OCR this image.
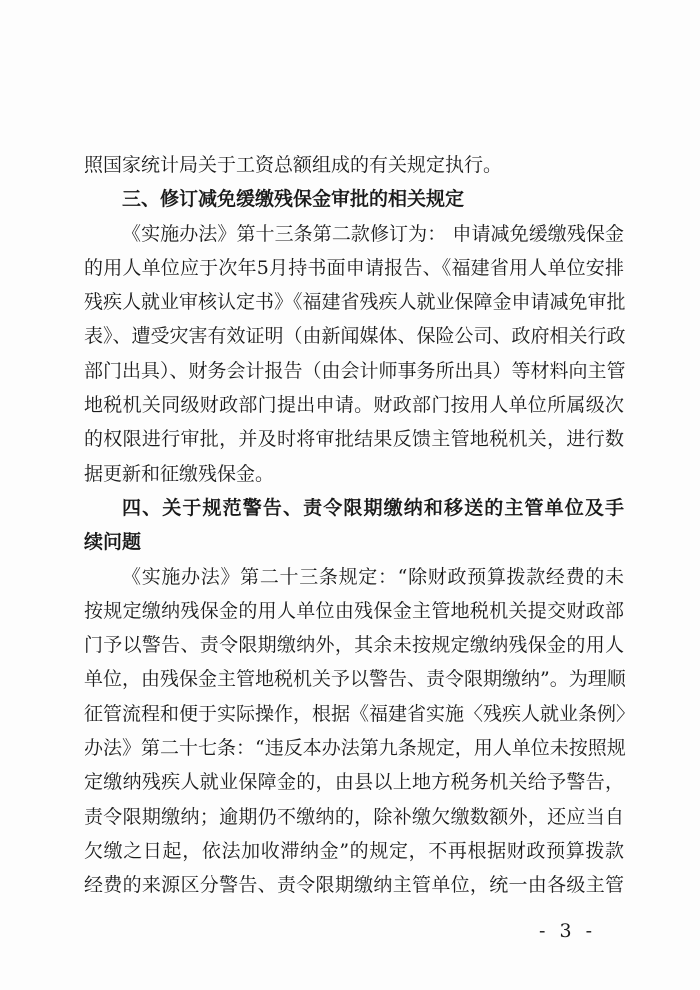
照国家统计局关于工资总额组成的有关规定执行。
三、修订减免缓缴残保金审批的相关规定
《实施办法》第十三条第二款修订为： 申请减免缓缴残保金
的用人单位应于次年5月持书面申请报告、《福建省用人单位安排
残疾人就业审核认定书》《福建省残疾人就业保障金申请减免审批
表》、遭受灾害有效证明（由新闻媒体、保险公司、政府相关行政
部门出具）、财务会计报告（由会计师事务所出具）等材料向主管
地税机关同级财政部门提出申请。财政部门按用人单位所属级次
的权限进行审批，并及时将审批结果反馈主管地税机关，进行数
据更新和征缴残保金。
四、关于规范警告、责令限期缴纳和移送的主管单位及手
续问题
《实施办法》第二十三条规定：“除财政预算拨款经费的未
按规定缴纳残保金的用人单位由残保金主管地税机关提交财政部
门予以警告、责令限期缴纳外，其余未按规定缴纳残保金的用人
单位，由残保金主管地税机关予以警告、责令限期缴纳”。为理顺
征管流程和便于实际操作，根据《福建省实施〈残疾人就业条例〉
办法》第二十七条：“违反本办法第九条规定，用人单位未按照规
定缴纳残疾人就业保障金的，由县以上地方税务机关给予警告，
责令限期缴纳；逾期仍不缴纳的，除补缴欠缴数额外，还应当自
欠缴之日起，依法加收滞纳金”的规定，不再根据财政预算拨款
经费的来源区分警告、责令限期缴纳主管单位，统一由各级主管
- 3 -
